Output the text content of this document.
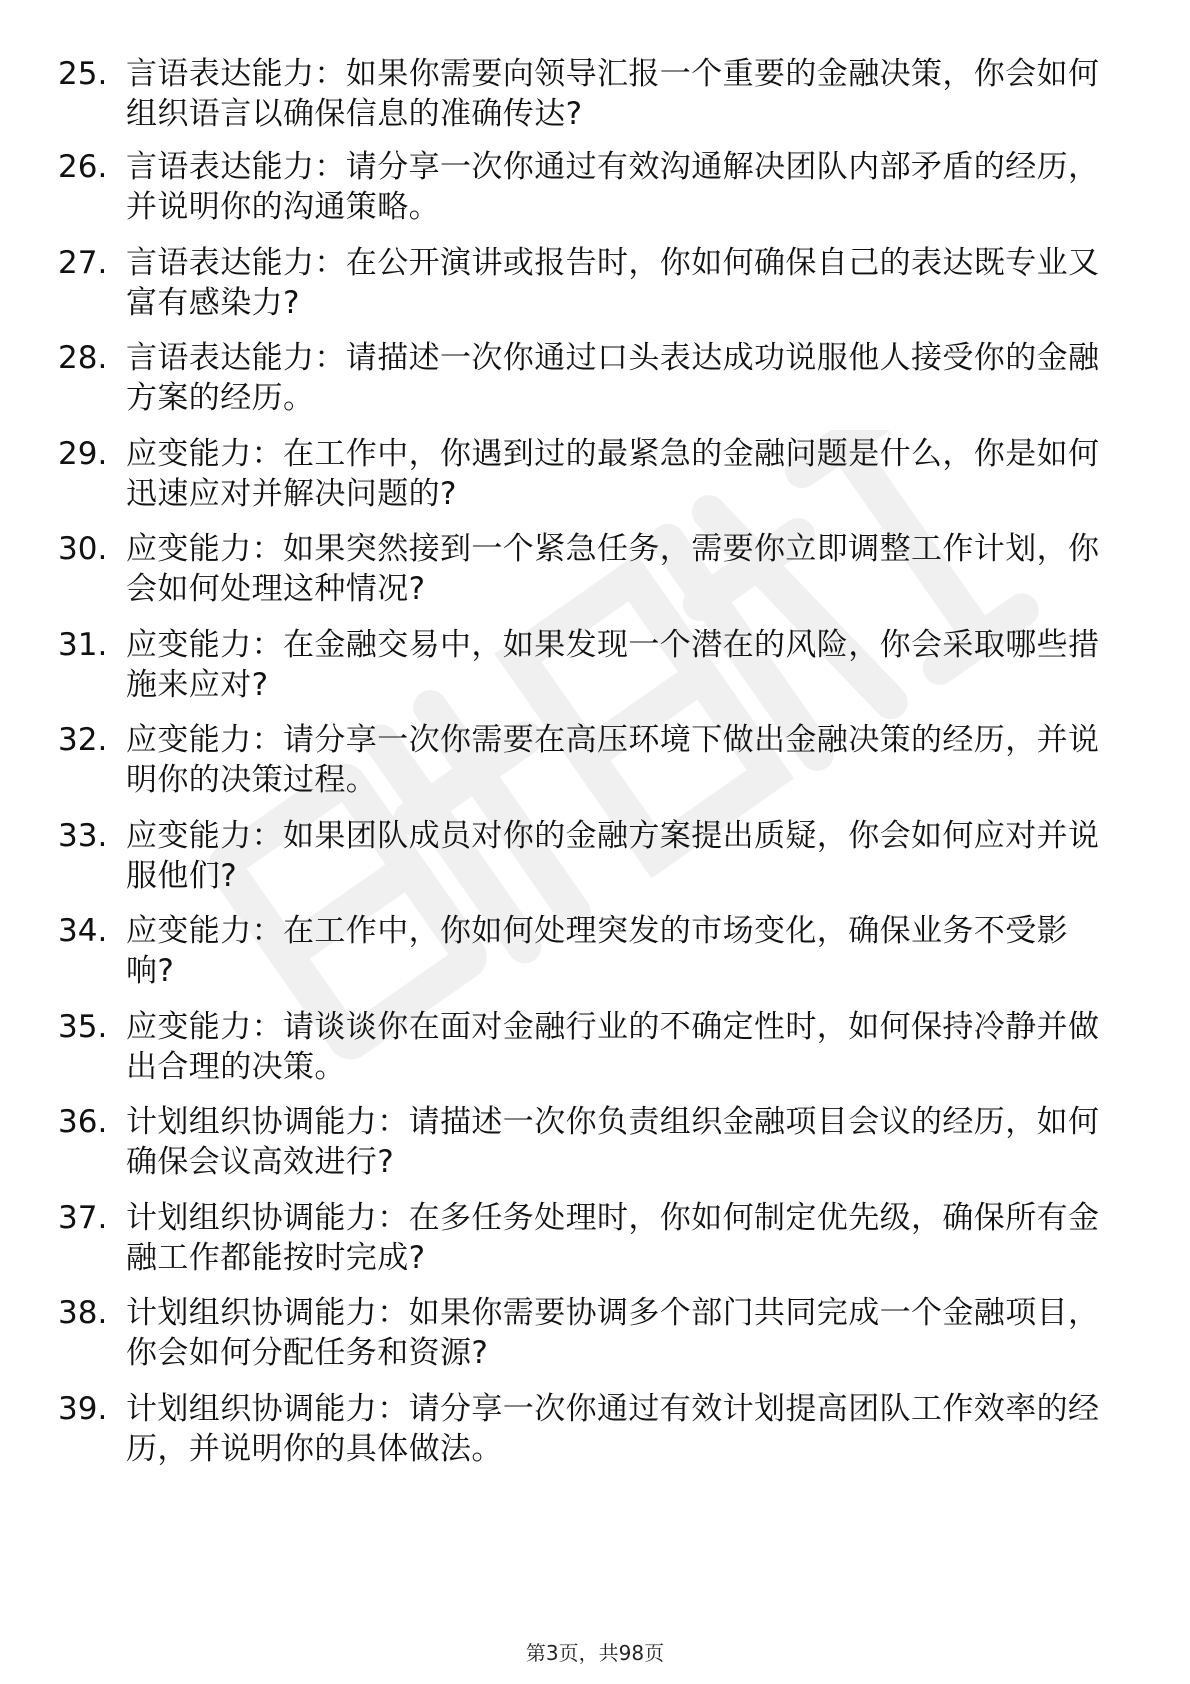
25. 言语表达能力：如果你需要向领导汇报一个重要的金融决策，你会如何组织语言以确保信息的准确传达?
26. 言语表达能力：请分享一次你通过有效沟通解决团队内部矛盾的经历，并说明你的沟通策略。
27. 言语表达能力：在公开演讲或报告时，你如何确保自己的表达既专业又富有感染力?
28. 言语表达能力：请描述一次你通过口头表达成功说服他人接受你的金融方案的经历。
29. 应变能力：在工作中，你遇到过的最紧急的金融问题是什么，你是如何迅速应对并解决问题的?
30. 应变能力：如果突然接到一个紧急任务，需要你立即调整工作计划，你会如何处理这种情况?
31. 应变能力：在金融交易中，如果发现一个潜在的风险，你会采取哪些措施来应对?
32. 应变能力：请分享一次你需要在高压环境下做出金融决策的经历，并说明你的决策过程。
33. 应变能力：如果团队成员对你的金融方案提出质疑，你会如何应对并说服他们?
34. 应变能力：在工作中，你如何处理突发的市场变化，确保业务不受影响?
35. 应变能力：请谈谈你在面对金融行业的不确定性时，如何保持冷静并做出合理的决策。
36. 计划组织协调能力：请描述一次你负责组织金融项目会议的经历，如何确保会议高效进行?
37. 计划组织协调能力：在多任务处理时，你如何制定优先级，确保所有金融工作都能按时完成?
38. 计划组织协调能力：如果你需要协调多个部门共同完成一个金融项目，你会如何分配任务和资源?
39. 计划组织协调能力：请分享一次你通过有效计划提高团队工作效率的经历，并说明你的具体做法。
第3页，共98页
